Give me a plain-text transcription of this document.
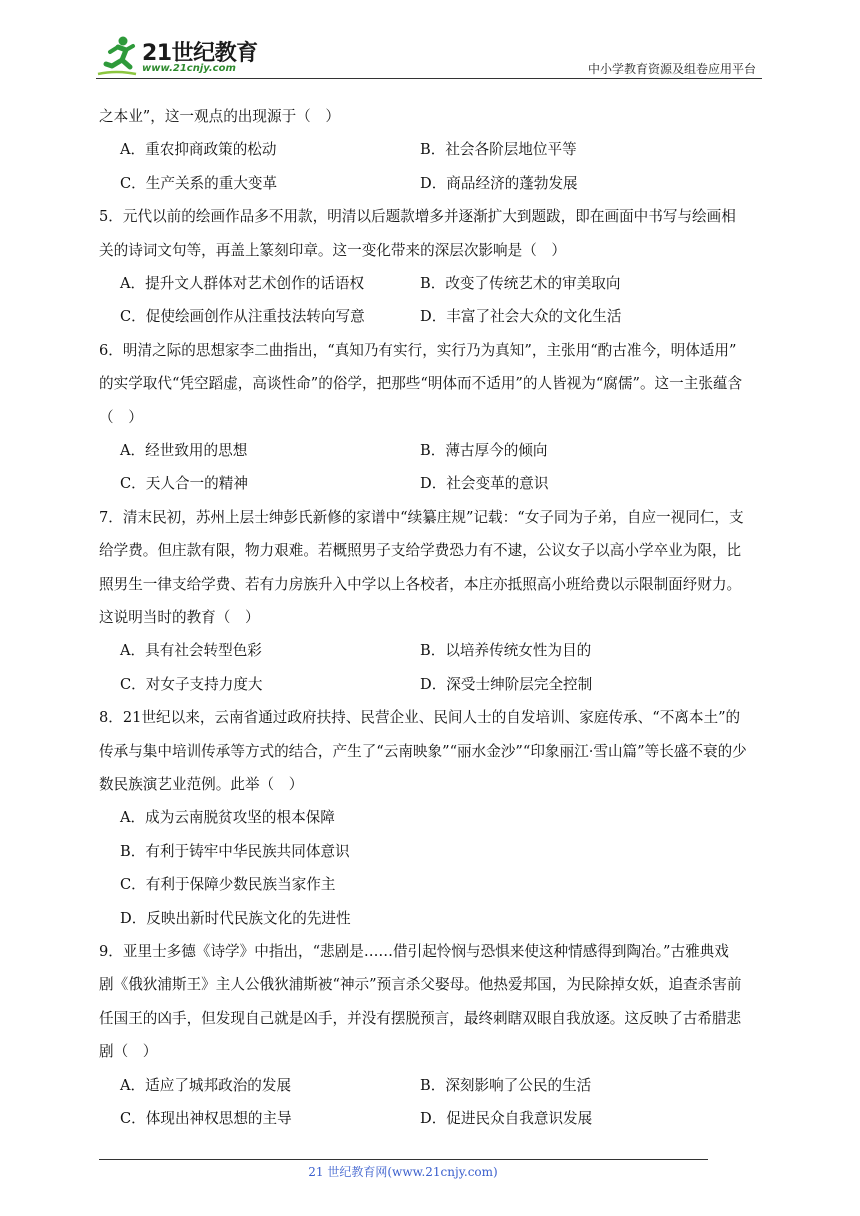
21世纪教育
www.21cnjy.com	中小学教育资源及组卷应用平台

之本业”，这一观点的出现源于（　）

A．重农抑商政策的松动	B．社会各阶层地位平等
C．生产关系的重大变革	D．商品经济的蓬勃发展

5．元代以前的绘画作品多不用款，明清以后题款增多并逐渐扩大到题跋，即在画面中书写与绘画相

关的诗词文句等，再盖上篆刻印章。这一变化带来的深层次影响是（　）

A．提升文人群体对艺术创作的话语权	B．改变了传统艺术的审美取向
C．促使绘画创作从注重技法转向写意	D．丰富了社会大众的文化生活

6．明清之际的思想家李二曲指出，“真知乃有实行，实行乃为真知”，主张用“酌古准今，明体适用”

的实学取代“凭空蹈虚，高谈性命”的俗学，把那些“明体而不适用”的人皆视为“腐儒”。这一主张蕴含

（　）

A．经世致用的思想	B．薄古厚今的倾向
C．天人合一的精神	D．社会变革的意识

7．清末民初，苏州上层士绅彭氏新修的家谱中“续纂庄规”记载：“女子同为子弟，自应一视同仁，支

给学费。但庄款有限，物力艰难。若概照男子支给学费恐力有不逮，公议女子以高小学卒业为限，比

照男生一律支给学费、若有力房族升入中学以上各校者，本庄亦抵照高小班给费以示限制面纾财力。

这说明当时的教育（　）

A．具有社会转型色彩	B．以培养传统女性为目的
C．对女子支持力度大	D．深受士绅阶层完全控制

8．21世纪以来，云南省通过政府扶持、民营企业、民间人士的自发培训、家庭传承、“不离本土”的

传承与集中培训传承等方式的结合，产生了“云南映象”“丽水金沙”“印象丽江·雪山篇”等长盛不衰的少

数民族演艺业范例。此举（　）

A．成为云南脱贫攻坚的根本保障
B．有利于铸牢中华民族共同体意识
C．有利于保障少数民族当家作主
D．反映出新时代民族文化的先进性

9．亚里士多德《诗学》中指出，“悲剧是……借引起怜悯与恐惧来使这种情感得到陶冶。”古雅典戏

剧《俄狄浦斯王》主人公俄狄浦斯被“神示”预言杀父娶母。他热爱邦国，为民除掉女妖，追查杀害前

任国王的凶手，但发现自己就是凶手，并没有摆脱预言，最终刺瞎双眼自我放逐。这反映了古希腊悲

剧（　）

A．适应了城邦政治的发展	B．深刻影响了公民的生活
C．体现出神权思想的主导	D．促进民众自我意识发展
21 世纪教育网(www.21cnjy.com)
